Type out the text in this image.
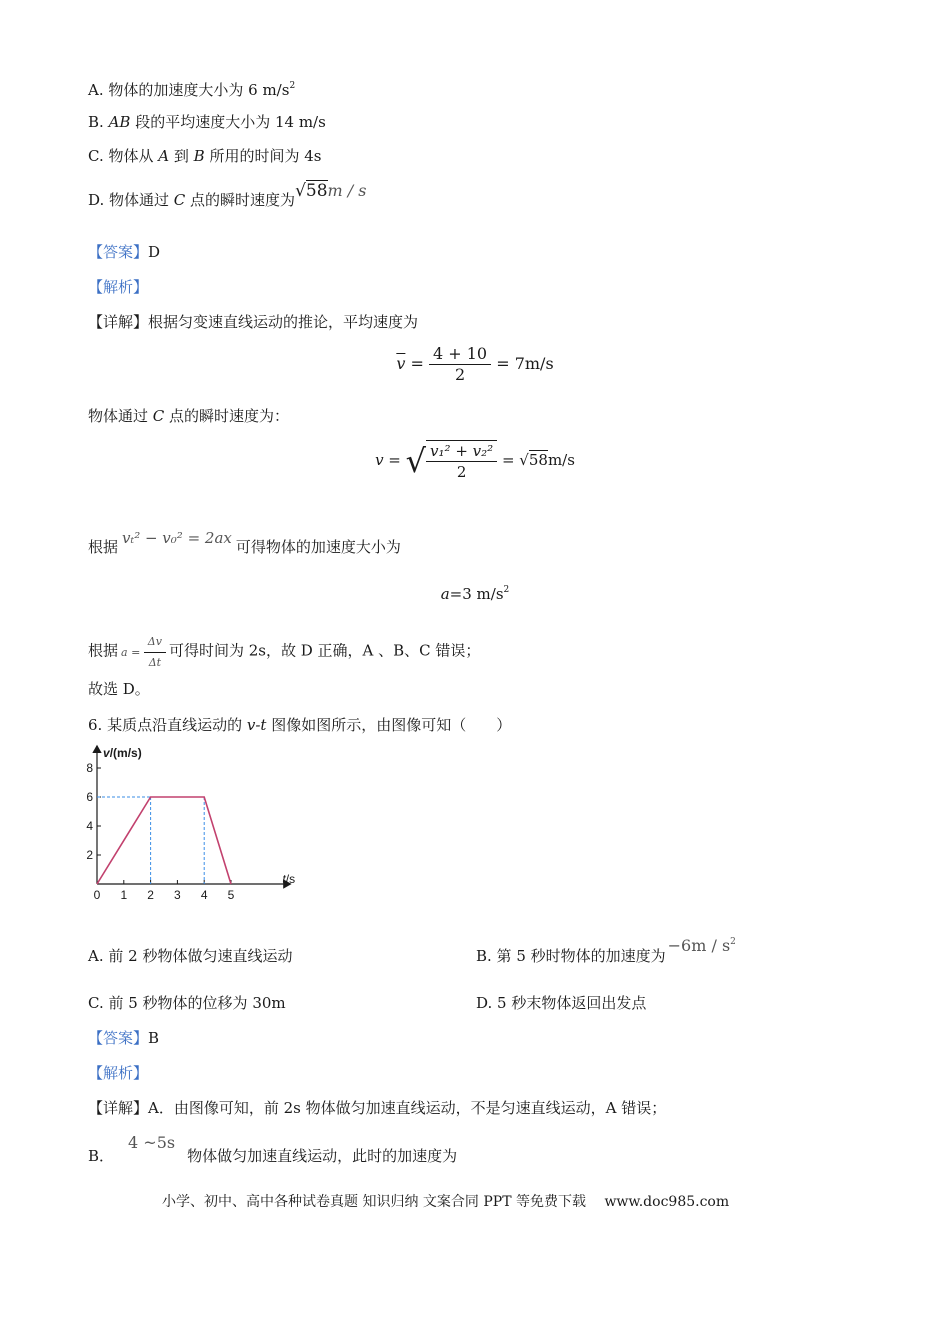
A. 物体的加速度大小为 6 $m/s^2$
B. AB 段的平均速度大小为 14 m/s
C. 物体从 A 到 B 所用的时间为 4s
D. 物体通过 C 点的瞬时速度为√58m / s
【答案】D
【解析】
【详解】根据匀变速直线运动的推论，平均速度为
$\overline{v} = \frac{4 + 10}{2} = 7m/s$
物体通过 C 点的瞬时速度为：
v = √ $\frac{\text{v₁² + v₂²}}{2} = √58m/s$
根据 vₜ² − v₀² = 2ax 可得物体的加速度大小为
a=3 $m/s^2$
根据 $a = \frac{\Delta v}{\Delta t}$ 可得时间为 2s，故 D 正确，A 、B、C 错误；
故选 D。
6. 某质点沿直线运动的 v-t 图像如图所示，由图像可知（　　）
2
4
6
8
0 1 2 3 4 5
v/(m/s)
t/s
A. 前 2 秒物体做匀速直线运动	B. 第 5 秒时物体的加速度为$-6m / s^2$
C. 前 5 秒物体的位移为 30m	D. 5 秒末物体返回出发点
【答案】B
【解析】
【详解】A．由图像可知，前 2s 物体做匀加速直线运动，不是匀速直线运动，A 错误；
B．4 ~5s物体做匀加速直线运动，此时的加速度为
小学、初中、高中各种试卷真题 知识归纳 文案合同 PPT 等免费下载 www.doc985.com
